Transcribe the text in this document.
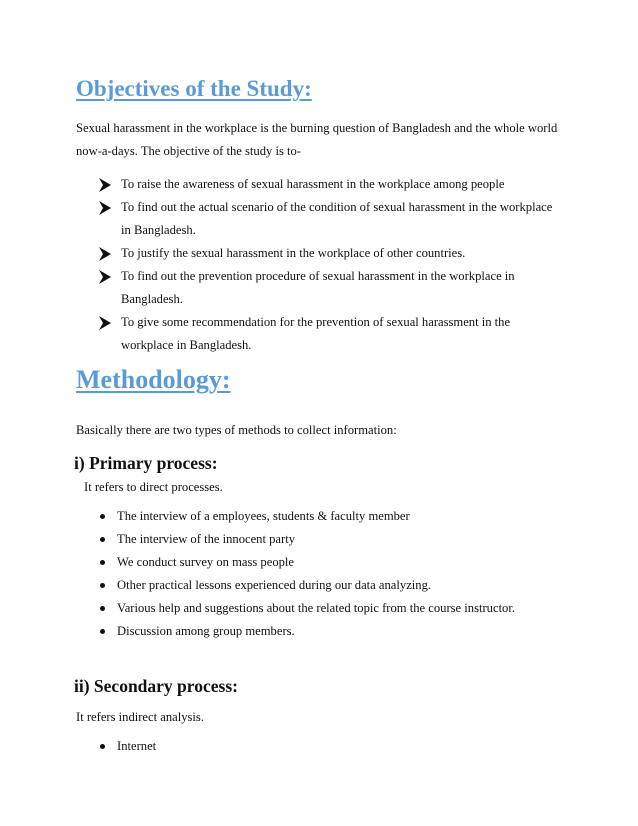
Objectives of the Study:
Sexual harassment in the workplace is the burning question of Bangladesh and the whole world
now-a-days. The objective of the study is to-
To raise the awareness of sexual harassment in the workplace among people
To find out the actual scenario of the condition of sexual harassment in the workplace
in Bangladesh.
To justify the sexual harassment in the workplace of other countries.
To find out the prevention procedure of sexual harassment in the workplace in
Bangladesh.
To give some recommendation for the prevention of sexual harassment in the
workplace in Bangladesh.
Methodology:
Basically there are two types of methods to collect information:
i) Primary process:
It refers to direct processes.
The interview of a employees, students & faculty member
The interview of the innocent party
We conduct survey on mass people
Other practical lessons experienced during our data analyzing.
Various help and suggestions about the related topic from the course instructor.
Discussion among group members.
ii) Secondary process:
It refers indirect analysis.
Internet
